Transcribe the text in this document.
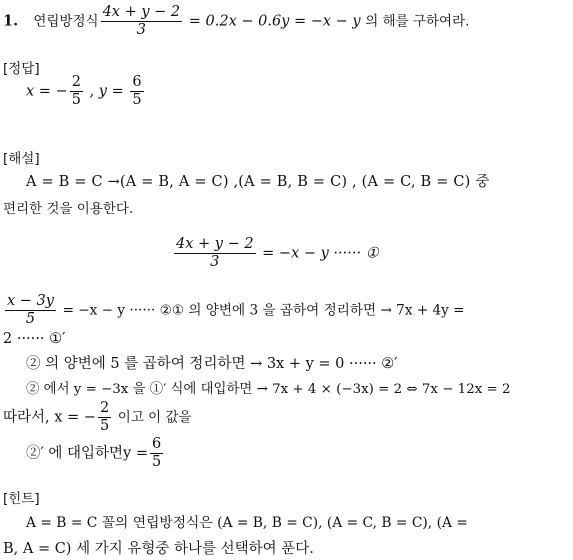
1. 연립방정식 $\frac{4x + y - 2}{3} = 0.2x - 0.6y = -x - y$ 의 해를 구하여라.
[정답]
x = − $\frac{2}{5}$ , $y = \frac{6}{5}$
[해설]
A = B = C →(A = B, A = C) ,(A = B, B = C) , (A = C, B = C) 중
편리한 것을 이용한다.
$\frac{4x + y - 2}{3} = -x - y$ ······ ①
$\frac{x - 3y}{5} = -x - y$ ······ ②① 의 양변에 3 을 곱하여 정리하면 → 7x + 4y =
2 ······ ①′
② 의 양변에 5 를 곱하여 정리하면 → 3x + y = 0 ······ ②′
② 에서 y = −3x 을 ①′ 식에 대입하면 → 7x + 4 × (−3x) = 2 ⇔ 7x − 12x = 2
따라서, x = − $\frac{2}{5}$ 이고 이 값을
②′ 에 대입하면$y = \frac{6}{5}$
[힌트]
A = B = C 꼴의 연립방정식은 (A = B, B = C), (A = C, B = C), (A =
B, A = C) 세 가지 유형중 하나를 선택하여 푼다.
